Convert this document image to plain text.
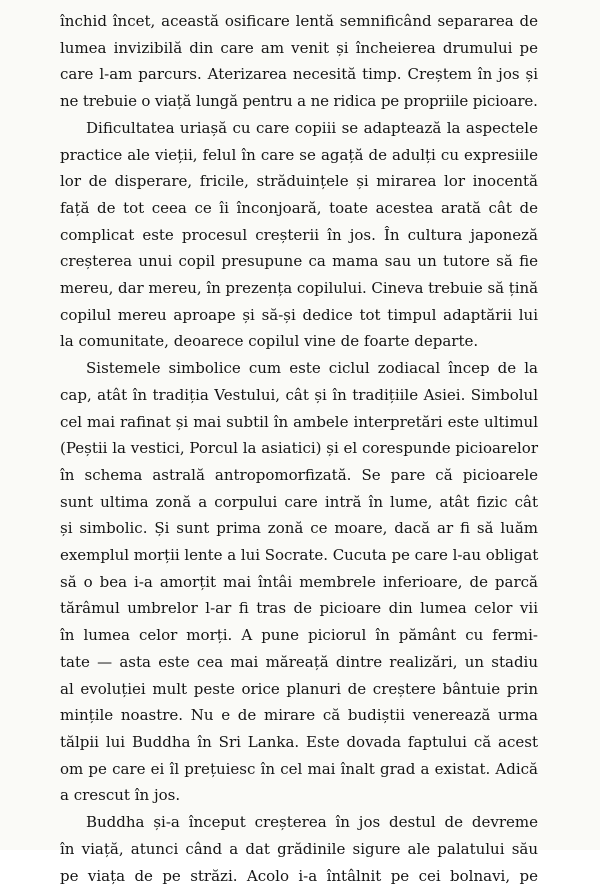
închid încet, această osificare lentă semnificând separarea de
lumea invizibilă din care am venit și încheierea drumului pe
care l-am parcurs. Aterizarea necesită timp. Creștem în jos și
ne trebuie o viață lungă pentru a ne ridica pe propriile picioare.

Dificultatea uriașă cu care copiii se adaptează la aspectele
practice ale vieții, felul în care se agață de adulți cu expresiile
lor de disperare, fricile, străduințele și mirarea lor inocentă
față de tot ceea ce îi înconjoară, toate acestea arată cât de
complicat este procesul creșterii în jos. În cultura japoneză
creșterea unui copil presupune ca mama sau un tutore să fie
mereu, dar mereu, în prezența copilului. Cineva trebuie să țină
copilul mereu aproape și să-și dedice tot timpul adaptării lui
la comunitate, deoarece copilul vine de foarte departe.

Sistemele simbolice cum este ciclul zodiacal încep de la
cap, atât în tradiția Vestului, cât și în tradițiile Asiei. Simbolul
cel mai rafinat și mai subtil în ambele interpretări este ultimul
(Peștii la vestici, Porcul la asiatici) și el corespunde picioarelor
în schema astrală antropomorfizată. Se pare că picioarele
sunt ultima zonă a corpului care intră în lume, atât fizic cât
și simbolic. Și sunt prima zonă ce moare, dacă ar fi să luăm
exemplul morții lente a lui Socrate. Cucuta pe care l-au obligat
să o bea i-a amorțit mai întâi membrele inferioare, de parcă
tărâmul umbrelor l-ar fi tras de picioare din lumea celor vii
în lumea celor morți. A pune piciorul în pământ cu fermi-
tate — asta este cea mai măreață dintre realizări, un stadiu
al evoluției mult peste orice planuri de creștere bântuie prin
mințile noastre. Nu e de mirare că budiștii venerează urma
tălpii lui Buddha în Sri Lanka. Este dovada faptului că acest
om pe care ei îl prețuiesc în cel mai înalt grad a existat. Adică
a crescut în jos.

Buddha și-a început creșterea în jos destul de devreme
în viață, atunci când a dat grădinile sigure ale palatului său
pe viața de pe străzi. Acolo i-a întâlnit pe cei bolnavi, pe
